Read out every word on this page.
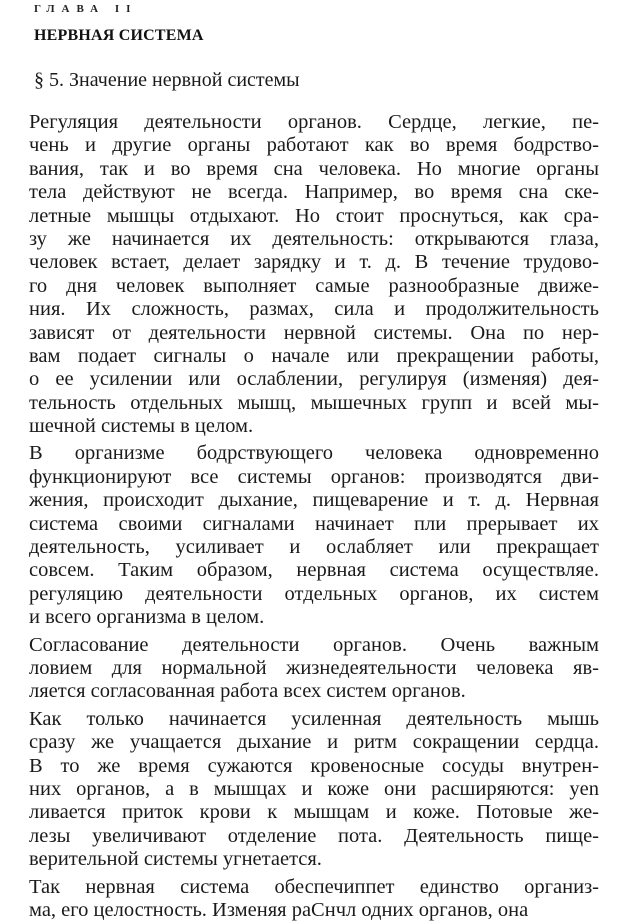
ГЛАВА II
НЕРВНАЯ СИСТЕМА
§ 5. Значение нервной системы
Регуляция деятельности органов. Сердце, легкие, пе-
чень и другие органы работают как во время бодрство-
вания, так и во время сна человека. Но многие органы
тела действуют не всегда. Например, во время сна ске-
летные мышцы отдыхают. Но стоит проснуться, как сра-
зу же начинается их деятельность: открываются глаза,
человек встает, делает зарядку и т. д. В течение трудово-
го дня человек выполняет самые разнообразные движе-
ния. Их сложность, размах, сила и продолжительность
зависят от деятельности нервной системы. Она по нер-
вам подает сигналы о начале или прекращении работы,
о ее усилении или ослаблении, регулируя (изменяя) дея-
тельность отдельных мышц, мышечных групп и всей мы-
шечной системы в целом.
В организме бодрствующего человека одновременно
функционируют все системы органов: производятся дви-
жения, происходит дыхание, пищеварение и т. д. Нервная
система своими сигналами начинает пли прерывает их
деятельность, усиливает и ослабляет или прекращает
совсем. Таким образом, нервная система осуществляе.
регуляцию деятельности отдельных органов, их систем
и всего организма в целом.
Согласование деятельности органов. Очень важным
ловием для нормальной жизнедеятельности человека яв-
ляется согласованная работа всех систем органов.
Как только начинается усиленная деятельность мышь
сразу же учащается дыхание и ритм сокращении сердца.
В то же время сужаются кровеносные сосуды внутрен-
них органов, а в мышцах и коже они расширяются: yen
ливается приток крови к мышцам и коже. Потовые же-
лезы увеличивают отделение пота. Деятельность пище-
верительной системы угнетается.
Так нервная система обеспечиппет единство организ-
ма, его целостность. Изменяя раСнчл одних органов, она
